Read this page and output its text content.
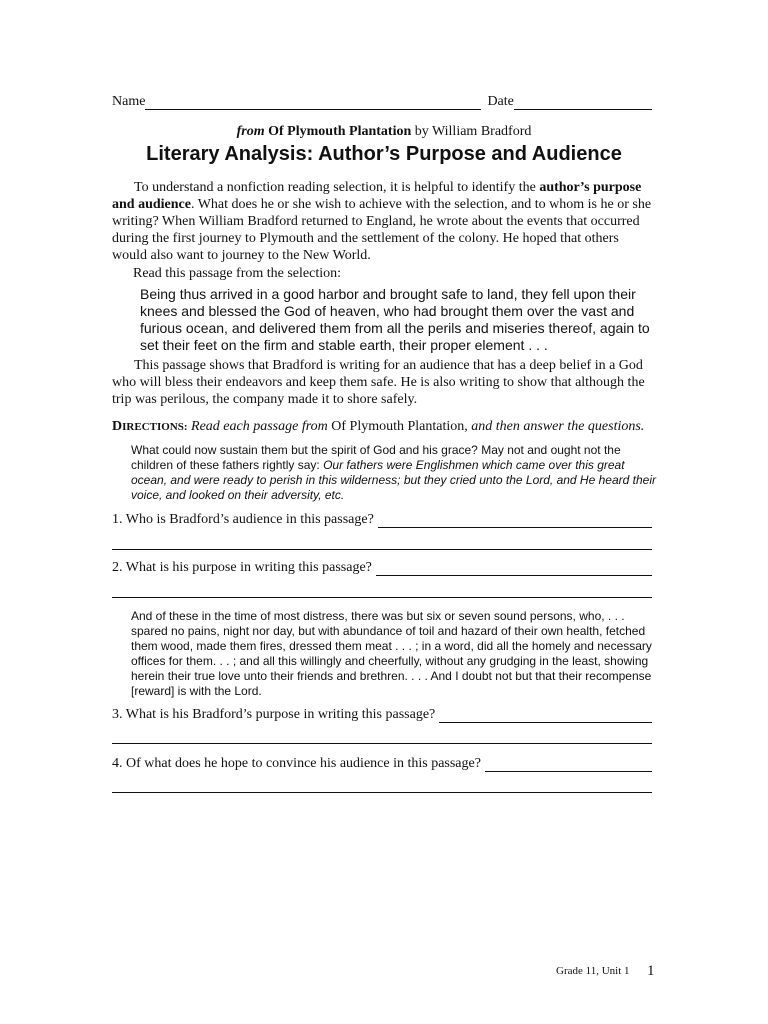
Name	Date
from Of Plymouth Plantation by William Bradford
Literary Analysis: Author’s Purpose and Audience
To understand a nonfiction reading selection, it is helpful to identify the author’s purpose and audience. What does he or she wish to achieve with the selection, and to whom is he or she writing? When William Bradford returned to England, he wrote about the events that occurred during the first journey to Plymouth and the settlement of the colony. He hoped that others would also want to journey to the New World.
Read this passage from the selection:
Being thus arrived in a good harbor and brought safe to land, they fell upon their knees and blessed the God of heaven, who had brought them over the vast and furious ocean, and delivered them from all the perils and miseries thereof, again to set their feet on the firm and stable earth, their proper element . . .
This passage shows that Bradford is writing for an audience that has a deep belief in a God who will bless their endeavors and keep them safe. He is also writing to show that although the trip was perilous, the company made it to shore safely.
DIRECTIONS: Read each passage from Of Plymouth Plantation, and then answer the questions.
What could now sustain them but the spirit of God and his grace? May not and ought not the children of these fathers rightly say: Our fathers were Englishmen which came over this great ocean, and were ready to perish in this wilderness; but they cried unto the Lord, and He heard their voice, and looked on their adversity, etc.
1. Who is Bradford’s audience in this passage?
2. What is his purpose in writing this passage?
And of these in the time of most distress, there was but six or seven sound persons, who, . . . spared no pains, night nor day, but with abundance of toil and hazard of their own health, fetched them wood, made them fires, dressed them meat . . . ; in a word, did all the homely and necessary offices for them. . . ; and all this willingly and cheerfully, without any grudging in the least, showing herein their true love unto their friends and brethren. . . . And I doubt not but that their recompense [reward] is with the Lord.
3. What is his Bradford’s purpose in writing this passage?
4. Of what does he hope to convince his audience in this passage?
Grade 11, Unit 1 1
